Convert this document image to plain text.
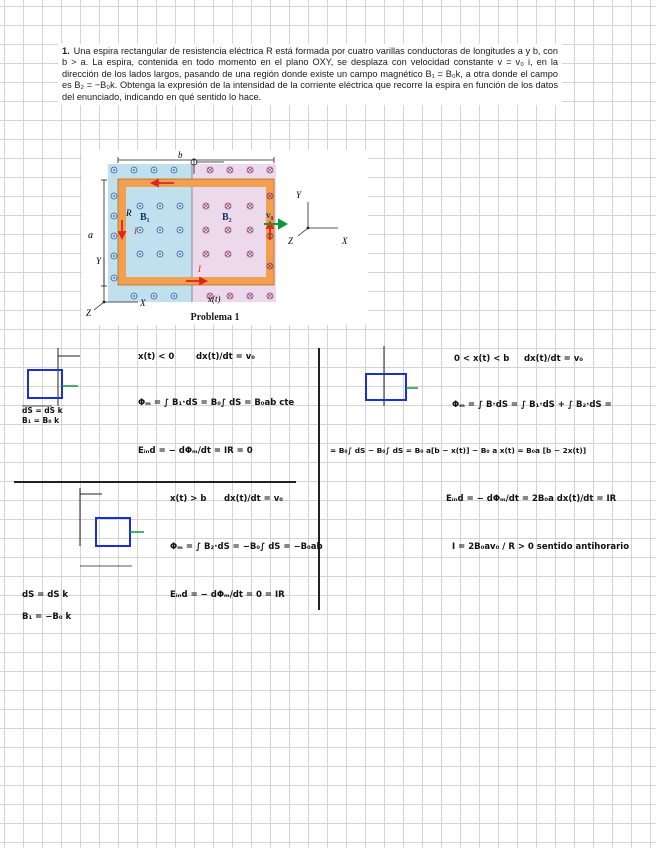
1. Una espira rectangular de resistencia eléctrica R está formada por cuatro varillas conductoras de longitudes a y b, con b > a. La espira, contenida en todo momento en el plano OXY, se desplaza con velocidad constante v = v₀ i, en la dirección de los lados largos, pasando de una región donde existe un campo magnético B₁ = B₀k, a otra donde el campo es B₂ = −B₀k. Obtenga la expresión de la intensidad de la corriente eléctrica que recorre la espira en función de los datos del enunciado, indicando en qué sentido lo hace.
B₁	B₂	v₀
a
b
R
I
I
Y
X
Z
x(t)
Y
X
Z
Problema 1
dS = dS k
B₁ = B₀ k
x(t) < 0	dx(t)/dt = v₀
Φₘ = ∫ B₁·dS = B₀∫ dS = B₀ab cte
Eᵢₙd = − dΦₘ/dt = IR = 0
0 < x(t) < b dx(t)/dt = v₀
Φₘ = ∫ B·dS = ∫ B₁·dS + ∫ B₂·dS =
= B₀∫ dS − B₀∫ dS = B₀ a[b − x(t)] − B₀ a x(t) = B₀a [b − 2x(t)]
Eᵢₙd = − dΦₘ/dt = 2B₀a dx(t)/dt = IR
I = 2B₀av₀ / R > 0 sentido antihorario
dS = dS k
B₁ = −B₀ k
x(t) > b dx(t)/dt = v₀
Φₘ = ∫ B₂·dS = −B₀∫ dS = −B₀ab
Eᵢₙd = − dΦₘ/dt = 0 = IR
